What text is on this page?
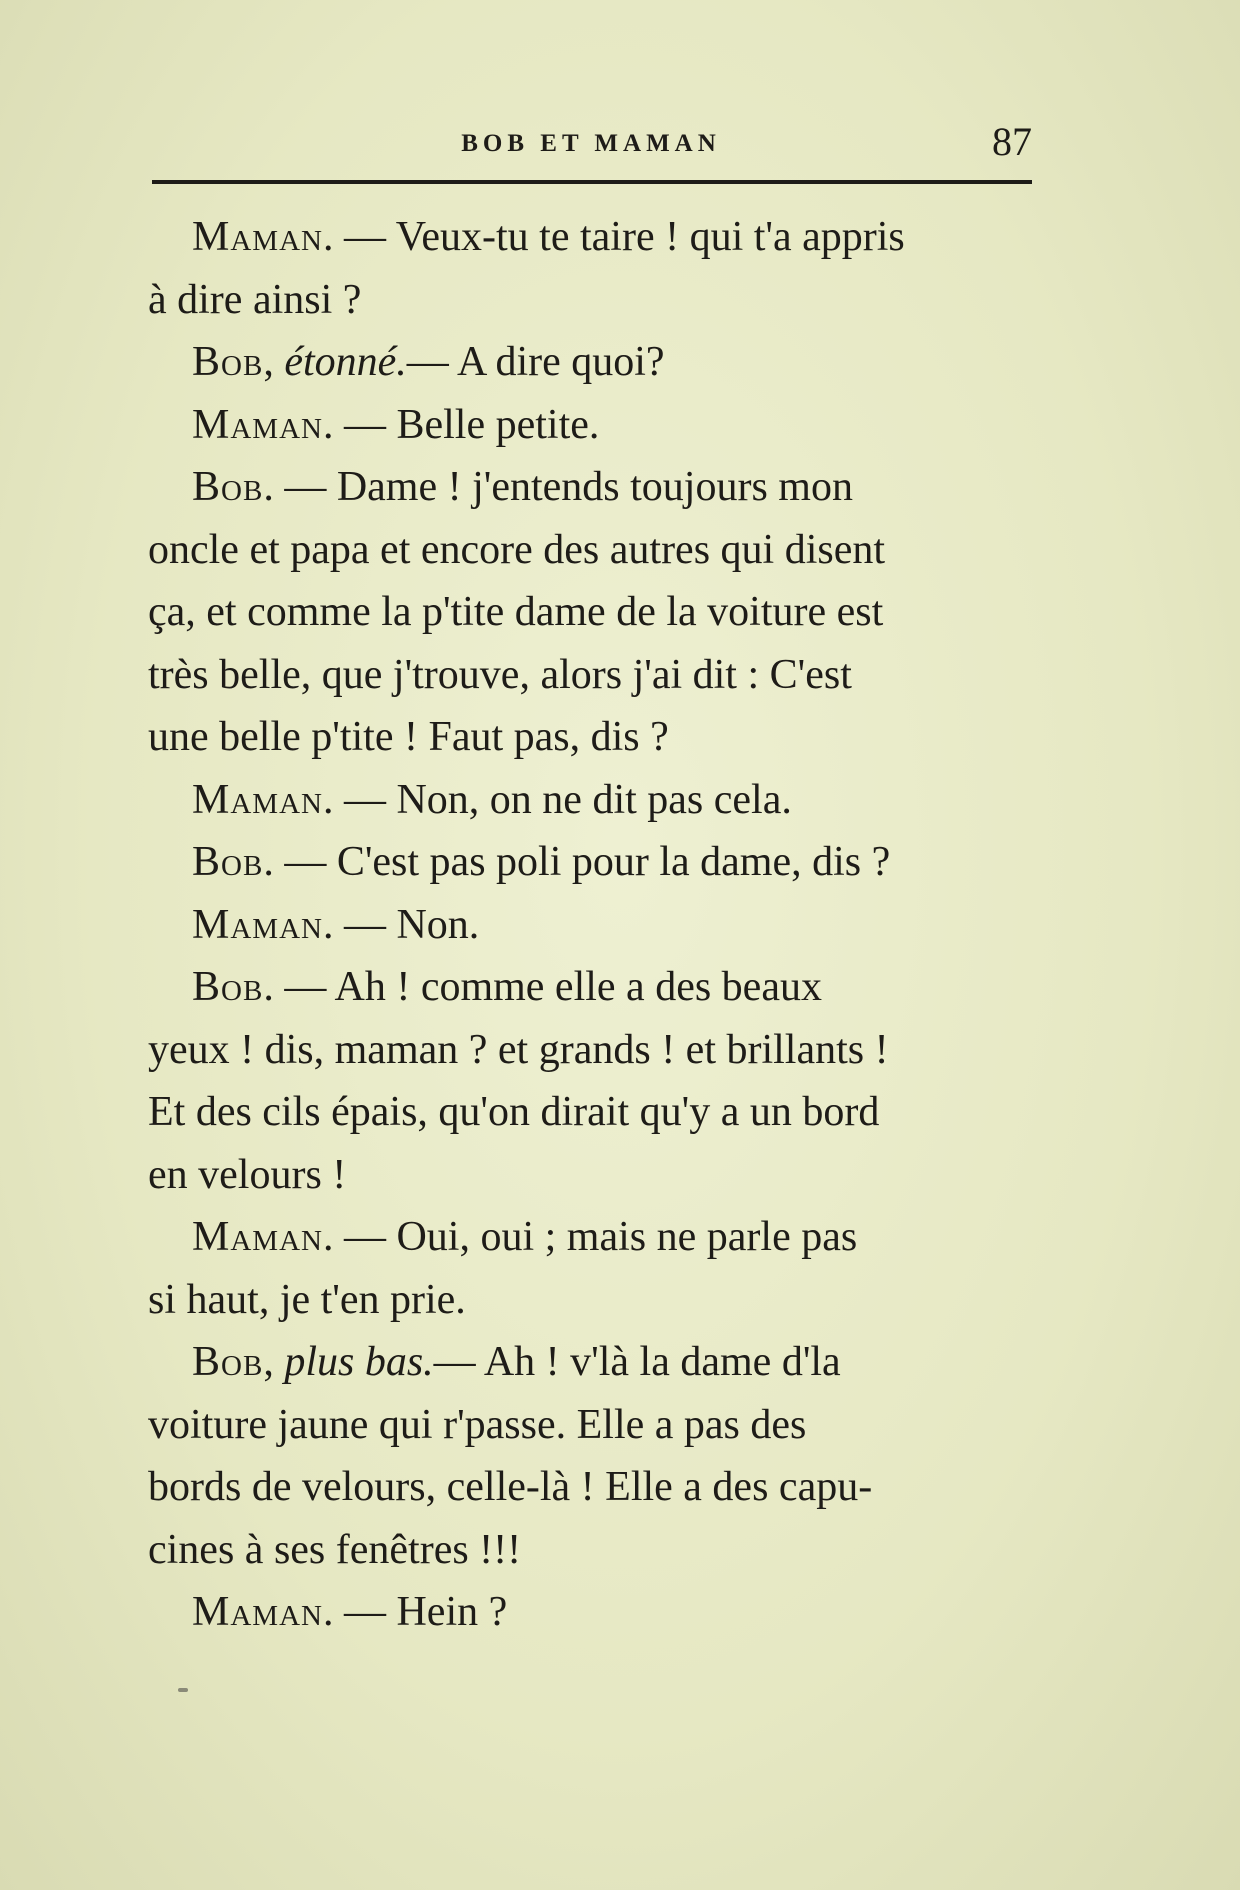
BOB ET MAMAN	87
Maman. — Veux-tu te taire ! qui t'a appris
à dire ainsi ?
Bob , étonné. — A dire quoi?
Maman . — Belle petite.
Bob . — Dame ! j'entends toujours mon
oncle et papa et encore des autres qui disent
ça, et comme la p'tite dame de la voiture est
très belle, que j'trouve, alors j'ai dit : C'est
une belle p'tite ! Faut pas, dis ?
Maman . — Non, on ne dit pas cela.
Bob . — C'est pas poli pour la dame, dis ?
Maman . — Non.
Bob . — Ah ! comme elle a des beaux
yeux ! dis, maman ? et grands ! et brillants !
Et des cils épais, qu'on dirait qu'y a un bord
en velours !
Maman . — Oui, oui ; mais ne parle pas
si haut, je t'en prie.
Bob , plus bas. — Ah ! v'là la dame d'la
voiture jaune qui r'passe. Elle a pas des
bords de velours, celle-là ! Elle a des capu-
cines à ses fenêtres !!!
Maman . — Hein ?
